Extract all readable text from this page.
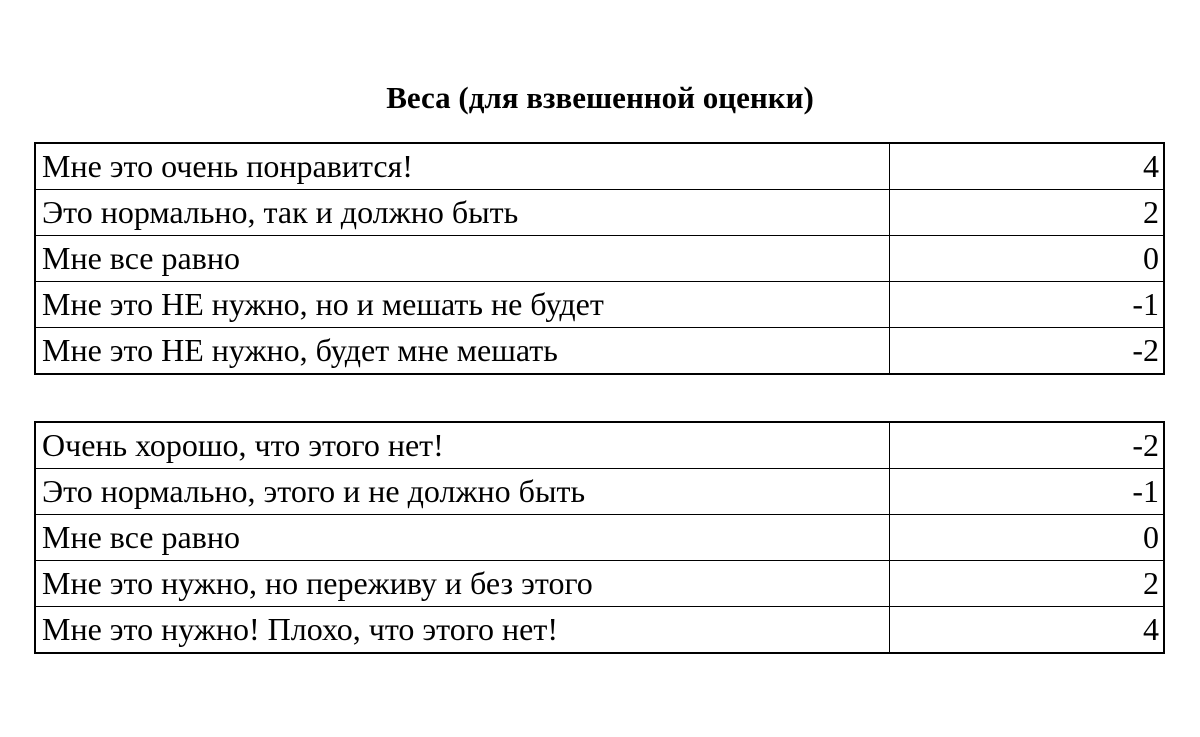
Веса (для взвешенной оценки)
Мне это очень понравится!	4
Это нормально, так и должно быть	2
Мне все равно	0
Мне это НЕ нужно, но и мешать не будет	-1
Мне это НЕ нужно, будет мне мешать	-2
Очень хорошо, что этого нет!	-2
Это нормально, этого и не должно быть	-1
Мне все равно	0
Мне это нужно, но переживу и без этого	2
Мне это нужно! Плохо, что этого нет!	4
